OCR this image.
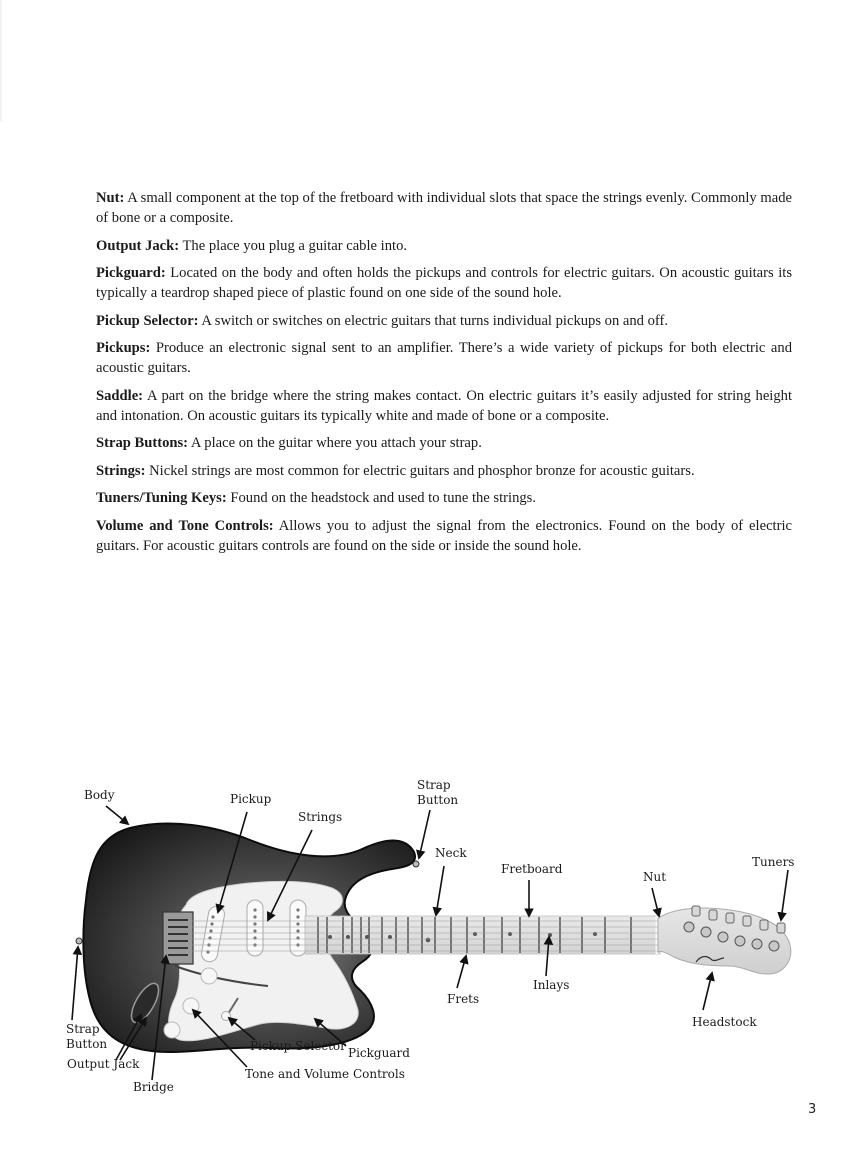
Nut: A small component at the top of the fretboard with individual slots that space the strings evenly. Commonly made of bone or a composite.

Output Jack: The place you plug a guitar cable into.

Pickguard: Located on the body and often holds the pickups and controls for electric guitars. On acoustic guitars its typically a teardrop shaped piece of plastic found on one side of the sound hole.

Pickup Selector: A switch or switches on electric guitars that turns individual pickups on and off.

Pickups: Produce an electronic signal sent to an amplifier. There’s a wide variety of pickups for both electric and acoustic guitars.

Saddle: A part on the bridge where the string makes contact. On electric guitars it’s easily adjusted for string height and intonation. On acoustic guitars its typically white and made of bone or a composite.

Strap Buttons: A place on the guitar where you attach your strap.

Strings: Nickel strings are most common for electric guitars and phosphor bronze for acoustic guitars.

Tuners/Tuning Keys: Found on the headstock and used to tune the strings.

Volume and Tone Controls: Allows you to adjust the signal from the electronics. Found on the body of electric guitars. For acoustic guitars controls are found on the side or inside the sound hole.

Body	Pickup
Strings
Strap
Button
Neck
Fretboard
Nut
Tuners
Frets
Inlays
Headstock
Strap
Button
Output Jack
Bridge
Pickup Selector Pickguard
Tone and Volume Controls
3
